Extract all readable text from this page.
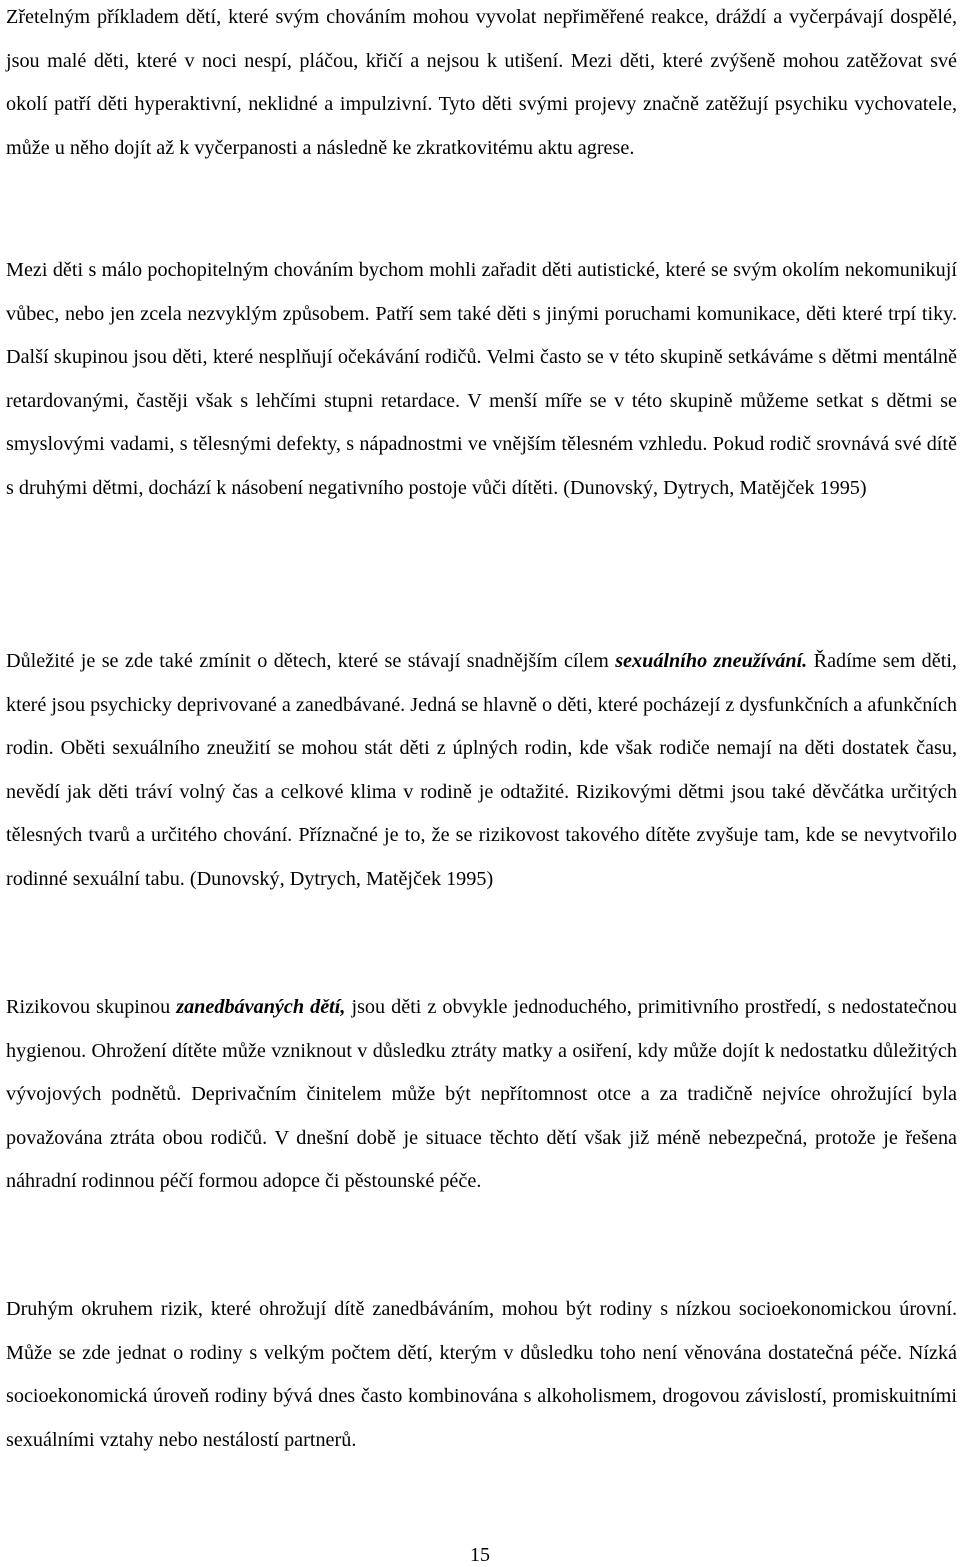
Zřetelným příkladem dětí, které svým chováním mohou vyvolat nepřiměřené reakce, dráždí a vyčerpávají dospělé, jsou malé děti, které v noci nespí, pláčou, křičí a nejsou k utišení. Mezi děti, které zvýšeně mohou zatěžovat své okolí patří děti hyperaktivní, neklidné a impulzivní. Tyto děti svými projevy značně zatěžují psychiku vychovatele, může u něho dojít až k vyčerpanosti a následně ke zkratkovitému aktu agrese.

Mezi děti s málo pochopitelným chováním bychom mohli zařadit děti autistické, které se svým okolím nekomunikují vůbec, nebo jen zcela nezvyklým způsobem. Patří sem také děti s jinými poruchami komunikace, děti které trpí tiky. Další skupinou jsou děti, které nesplňují očekávání rodičů. Velmi často se v této skupině setkáváme s dětmi mentálně retardovanými, častěji však s lehčími stupni retardace. V menší míře se v této skupině můžeme setkat s dětmi se smyslovými vadami, s tělesnými defekty, s nápadnostmi ve vnějším tělesném vzhledu. Pokud rodič srovnává své dítě s druhými dětmi, dochází k násobení negativního postoje vůči dítěti. (Dunovský, Dytrych, Matějček 1995)

Důležité je se zde také zmínit o dětech, které se stávají snadnějším cílem sexuálního zneužívání. Řadíme sem děti, které jsou psychicky deprivované a zanedbávané. Jedná se hlavně o děti, které pocházejí z dysfunkčních a afunkčních rodin. Oběti sexuálního zneužití se mohou stát děti z úplných rodin, kde však rodiče nemají na děti dostatek času, nevědí jak děti tráví volný čas a celkové klima v rodině je odtažité. Rizikovými dětmi jsou také děvčátka určitých tělesných tvarů a určitého chování. Příznačné je to, že se rizikovost takového dítěte zvyšuje tam, kde se nevytvořilo rodinné sexuální tabu. (Dunovský, Dytrych, Matějček 1995)

Rizikovou skupinou zanedbávaných dětí, jsou děti z obvykle jednoduchého, primitivního prostředí, s nedostatečnou hygienou. Ohrožení dítěte může vzniknout v důsledku ztráty matky a osiření, kdy může dojít k nedostatku důležitých vývojových podnětů. Deprivačním činitelem může být nepřítomnost otce a za tradičně nejvíce ohrožující byla považována ztráta obou rodičů. V dnešní době je situace těchto dětí však již méně nebezpečná, protože je řešena náhradní rodinnou péčí formou adopce či pěstounské péče.

Druhým okruhem rizik, které ohrožují dítě zanedbáváním, mohou být rodiny s nízkou socioekonomickou úrovní. Může se zde jednat o rodiny s velkým počtem dětí, kterým v důsledku toho není věnována dostatečná péče. Nízká socioekonomická úroveň rodiny bývá dnes často kombinována s alkoholismem, drogovou závislostí, promiskuitními sexuálními vztahy nebo nestálostí partnerů.

15
